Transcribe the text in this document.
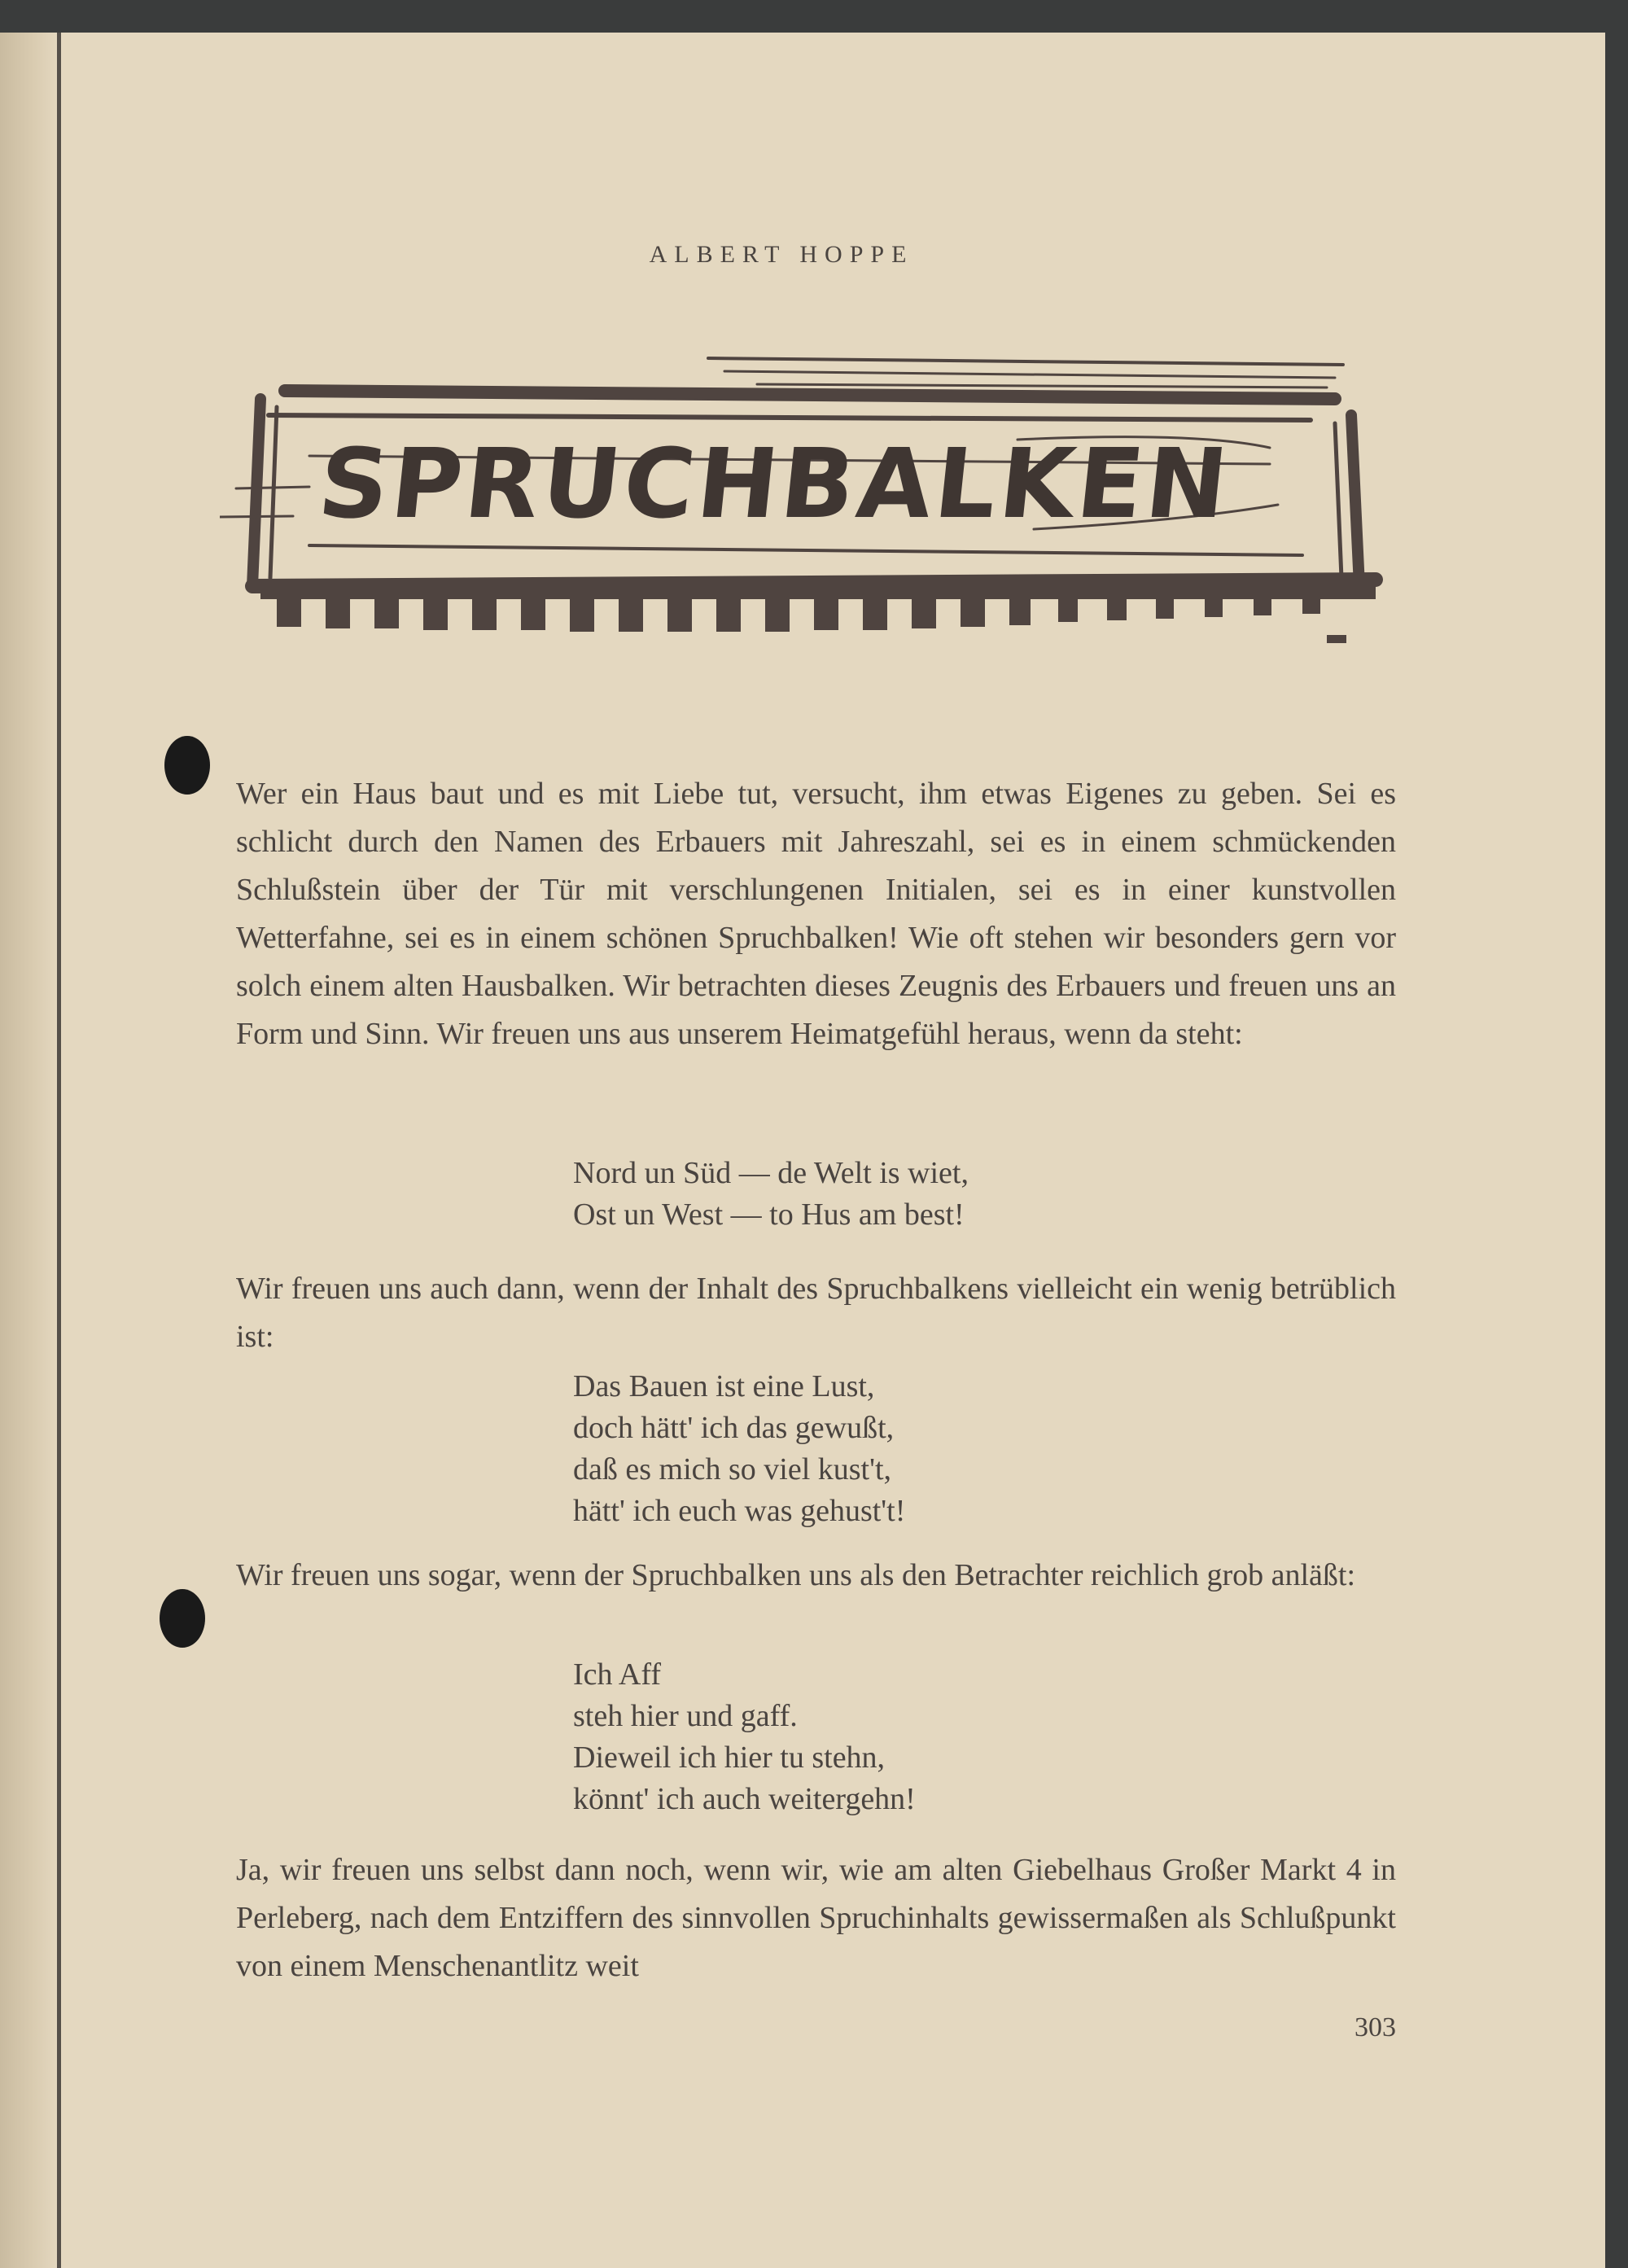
ALBERT HOPPE
SPRUCHBALKEN

Wer ein Haus baut und es mit Liebe tut, versucht, ihm etwas Eigenes zu geben. Sei es schlicht durch den Namen des Erbauers mit Jahreszahl, sei es in einem schmückenden Schlußstein über der Tür mit verschlungenen Initialen, sei es in einer kunstvollen Wetterfahne, sei es in einem schönen Spruchbalken! Wie oft stehen wir besonders gern vor solch einem alten Hausbalken. Wir betrachten dieses Zeugnis des Erbauers und freuen uns an Form und Sinn. Wir freuen uns aus unserem Heimatgefühl heraus, wenn da steht:

Nord un Süd — de Welt is wiet,
Ost un West — to Hus am best!

Wir freuen uns auch dann, wenn der Inhalt des Spruchbalkens vielleicht ein wenig betrüblich ist:

Das Bauen ist eine Lust,
doch hätt' ich das gewußt,
daß es mich so viel kust't,
hätt' ich euch was gehust't!

Wir freuen uns sogar, wenn der Spruchbalken uns als den Betrachter reichlich grob anläßt:

Ich Aff
steh hier und gaff.
Dieweil ich hier tu stehn,
könnt' ich auch weitergehn!

Ja, wir freuen uns selbst dann noch, wenn wir, wie am alten Giebelhaus Großer Markt 4 in Perleberg, nach dem Entziffern des sinnvollen Spruchinhalts gewissermaßen als Schlußpunkt von einem Menschenantlitz weit

303
